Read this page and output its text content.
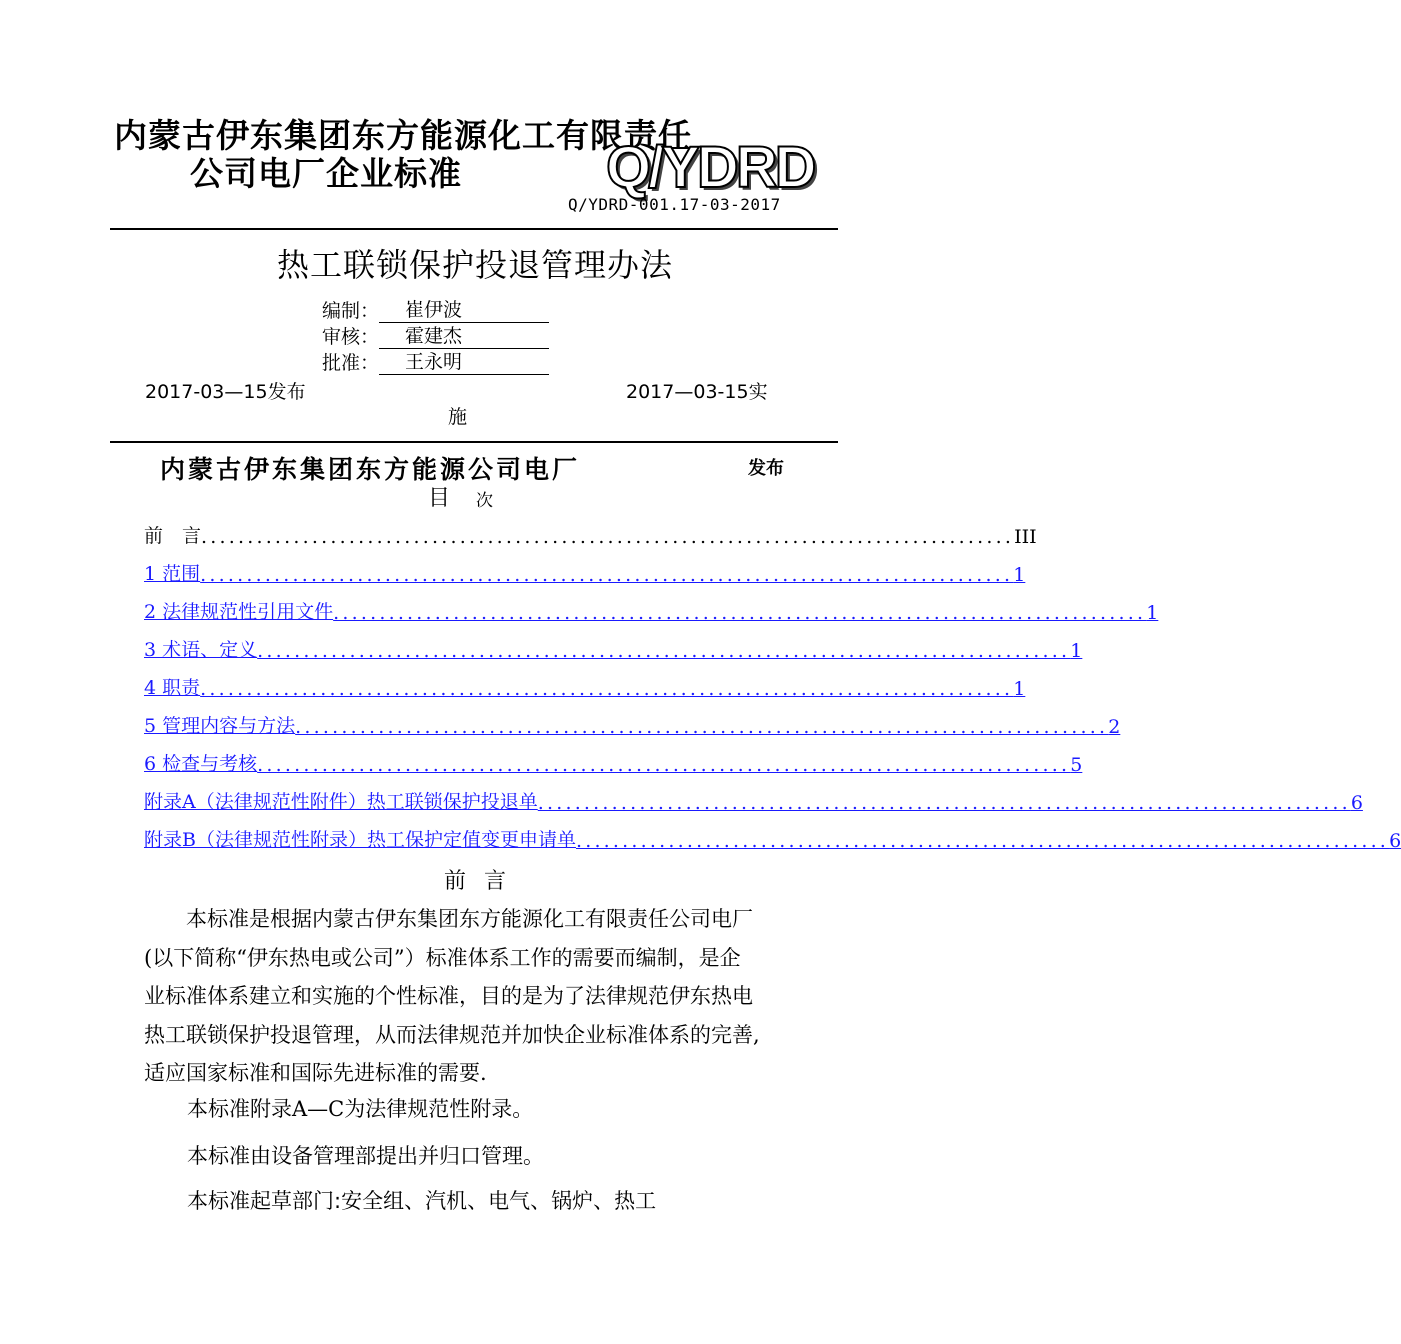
内蒙古伊东集团东方能源化工有限责任
公司电厂企业标准 Q/YDRD
Q/YDRD-001.17-03-2017
热工联锁保护投退管理办法
编制： 崔伊波
审核： 霍建杰
批准： 王永明
2017-03—15发布	2017—03-15实
施
内蒙古伊东集团东方能源公司电厂	发布
目 次
前　言 ........................................................................................ III
1 范围 ........................................................................................ 1
2 法律规范性引用文件 ........................................................................................ 1
3 术语、定义 ........................................................................................ 1
4 职责 ........................................................................................ 1
5 管理内容与方法 ........................................................................................ 2
6 检查与考核 ........................................................................................ 5
附录A（法律规范性附件）热工联锁保护投退单 ........................................................................................ 6
附录B（法律规范性附录）热工保护定值变更申请单 ........................................................................................ 6
前言
　　本标准是根据内蒙古伊东集团东方能源化工有限责任公司电厂
(以下简称“伊东热电或公司”）标准体系工作的需要而编制，是企
业标准体系建立和实施的个性标准，目的是为了法律规范伊东热电
热工联锁保护投退管理，从而法律规范并加快企业标准体系的完善,
适应国家标准和国际先进标准的需要.
本标准附录A—C为法律规范性附录。
本标准由设备管理部提出并归口管理。
本标准起草部门:安全组、汽机、电气、锅炉、热工
